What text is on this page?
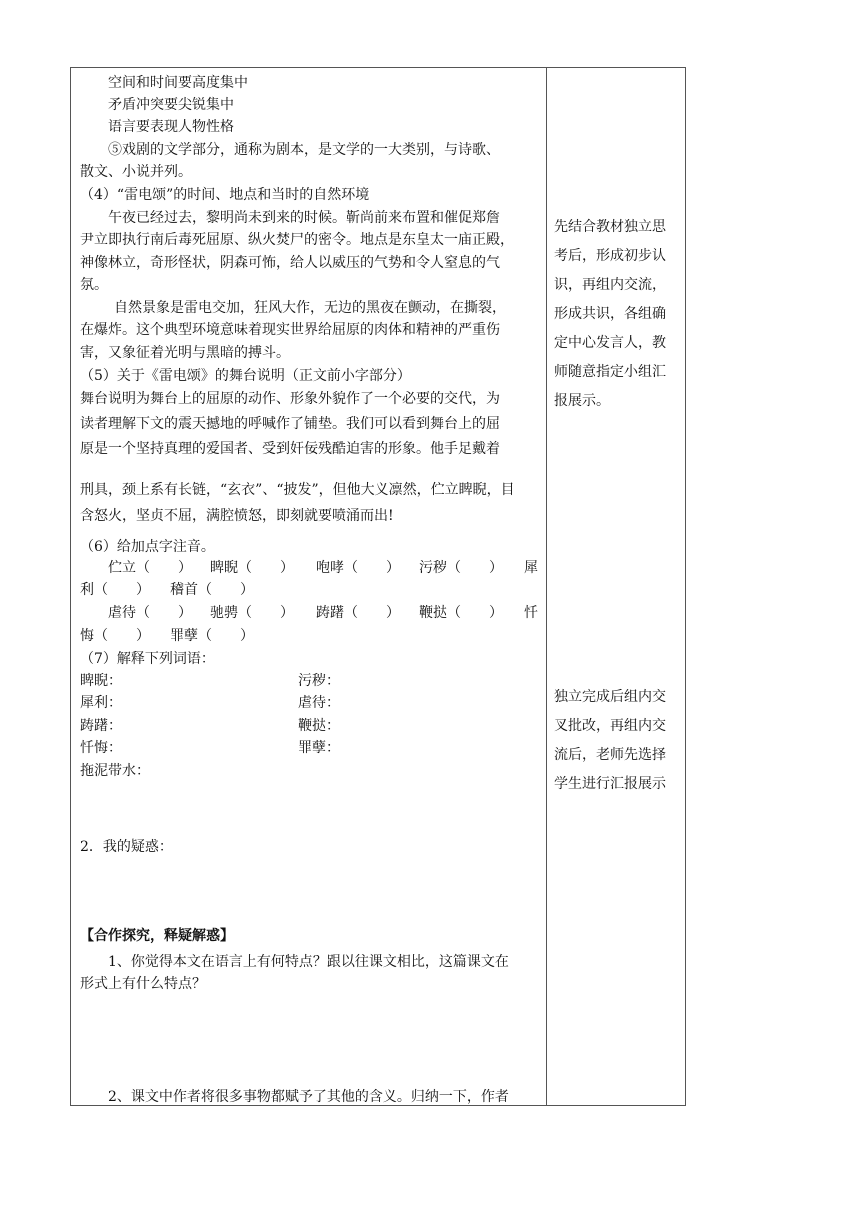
空间和时间要高度集中
矛盾冲突要尖锐集中
语言要表现人物性格
⑤戏剧的文学部分，通称为剧本，是文学的一大类别，与诗歌、
散文、小说并列。
（4）“雷电颂”的时间、地点和当时的自然环境
午夜已经过去，黎明尚未到来的时候。靳尚前来布置和催促郑詹
尹立即执行南后毒死屈原、纵火焚尸的密令。地点是东皇太一庙正殿，
神像林立，奇形怪状，阴森可怖，给人以威压的气势和令人窒息的气
氛。
自然景象是雷电交加，狂风大作，无边的黑夜在颤动，在撕裂，
在爆炸。这个典型环境意味着现实世界给屈原的肉体和精神的严重伤
害，又象征着光明与黑暗的搏斗。
（5）关于《雷电颂》的舞台说明（正文前小字部分）
舞台说明为舞台上的屈原的动作、形象外貌作了一个必要的交代，为
读者理解下文的震天撼地的呼喊作了铺垫。我们可以看到舞台上的屈
原是一个坚持真理的爱国者、受到奸佞残酷迫害的形象。他手足戴着
刑具，颈上系有长链，“玄衣”、“披发”，但他大义凛然，伫立睥睨，目
含怒火，坚贞不屈，满腔愤怒，即刻就要喷涌而出!
（6）给加点字注音。
伫立（　　） 睥睨（　　） 咆哮（　　） 污秽（　　） 犀
利（　　） 稽首（　　）
虐待（　　） 驰骋（　　） 踌躇（　　） 鞭挞（　　） 忏
悔（　　） 罪孽（　　）
（7）解释下列词语：
睥睨：
犀利：
踌躇：
忏悔：
拖泥带水：
污秽：
虐待：
鞭挞：
罪孽：
2．我的疑惑：
【合作探究，释疑解惑】
1、你觉得本文在语言上有何特点？跟以往课文相比，这篇课文在
形式上有什么特点？
2、课文中作者将很多事物都赋予了其他的含义。归纳一下，作者

先结合教材独立思

考后，形成初步认

识，再组内交流，

形成共识，各组确

定中心发言人，教

师随意指定小组汇

报展示。

独立完成后组内交

叉批改，再组内交

流后，老师先选择

学生进行汇报展示
